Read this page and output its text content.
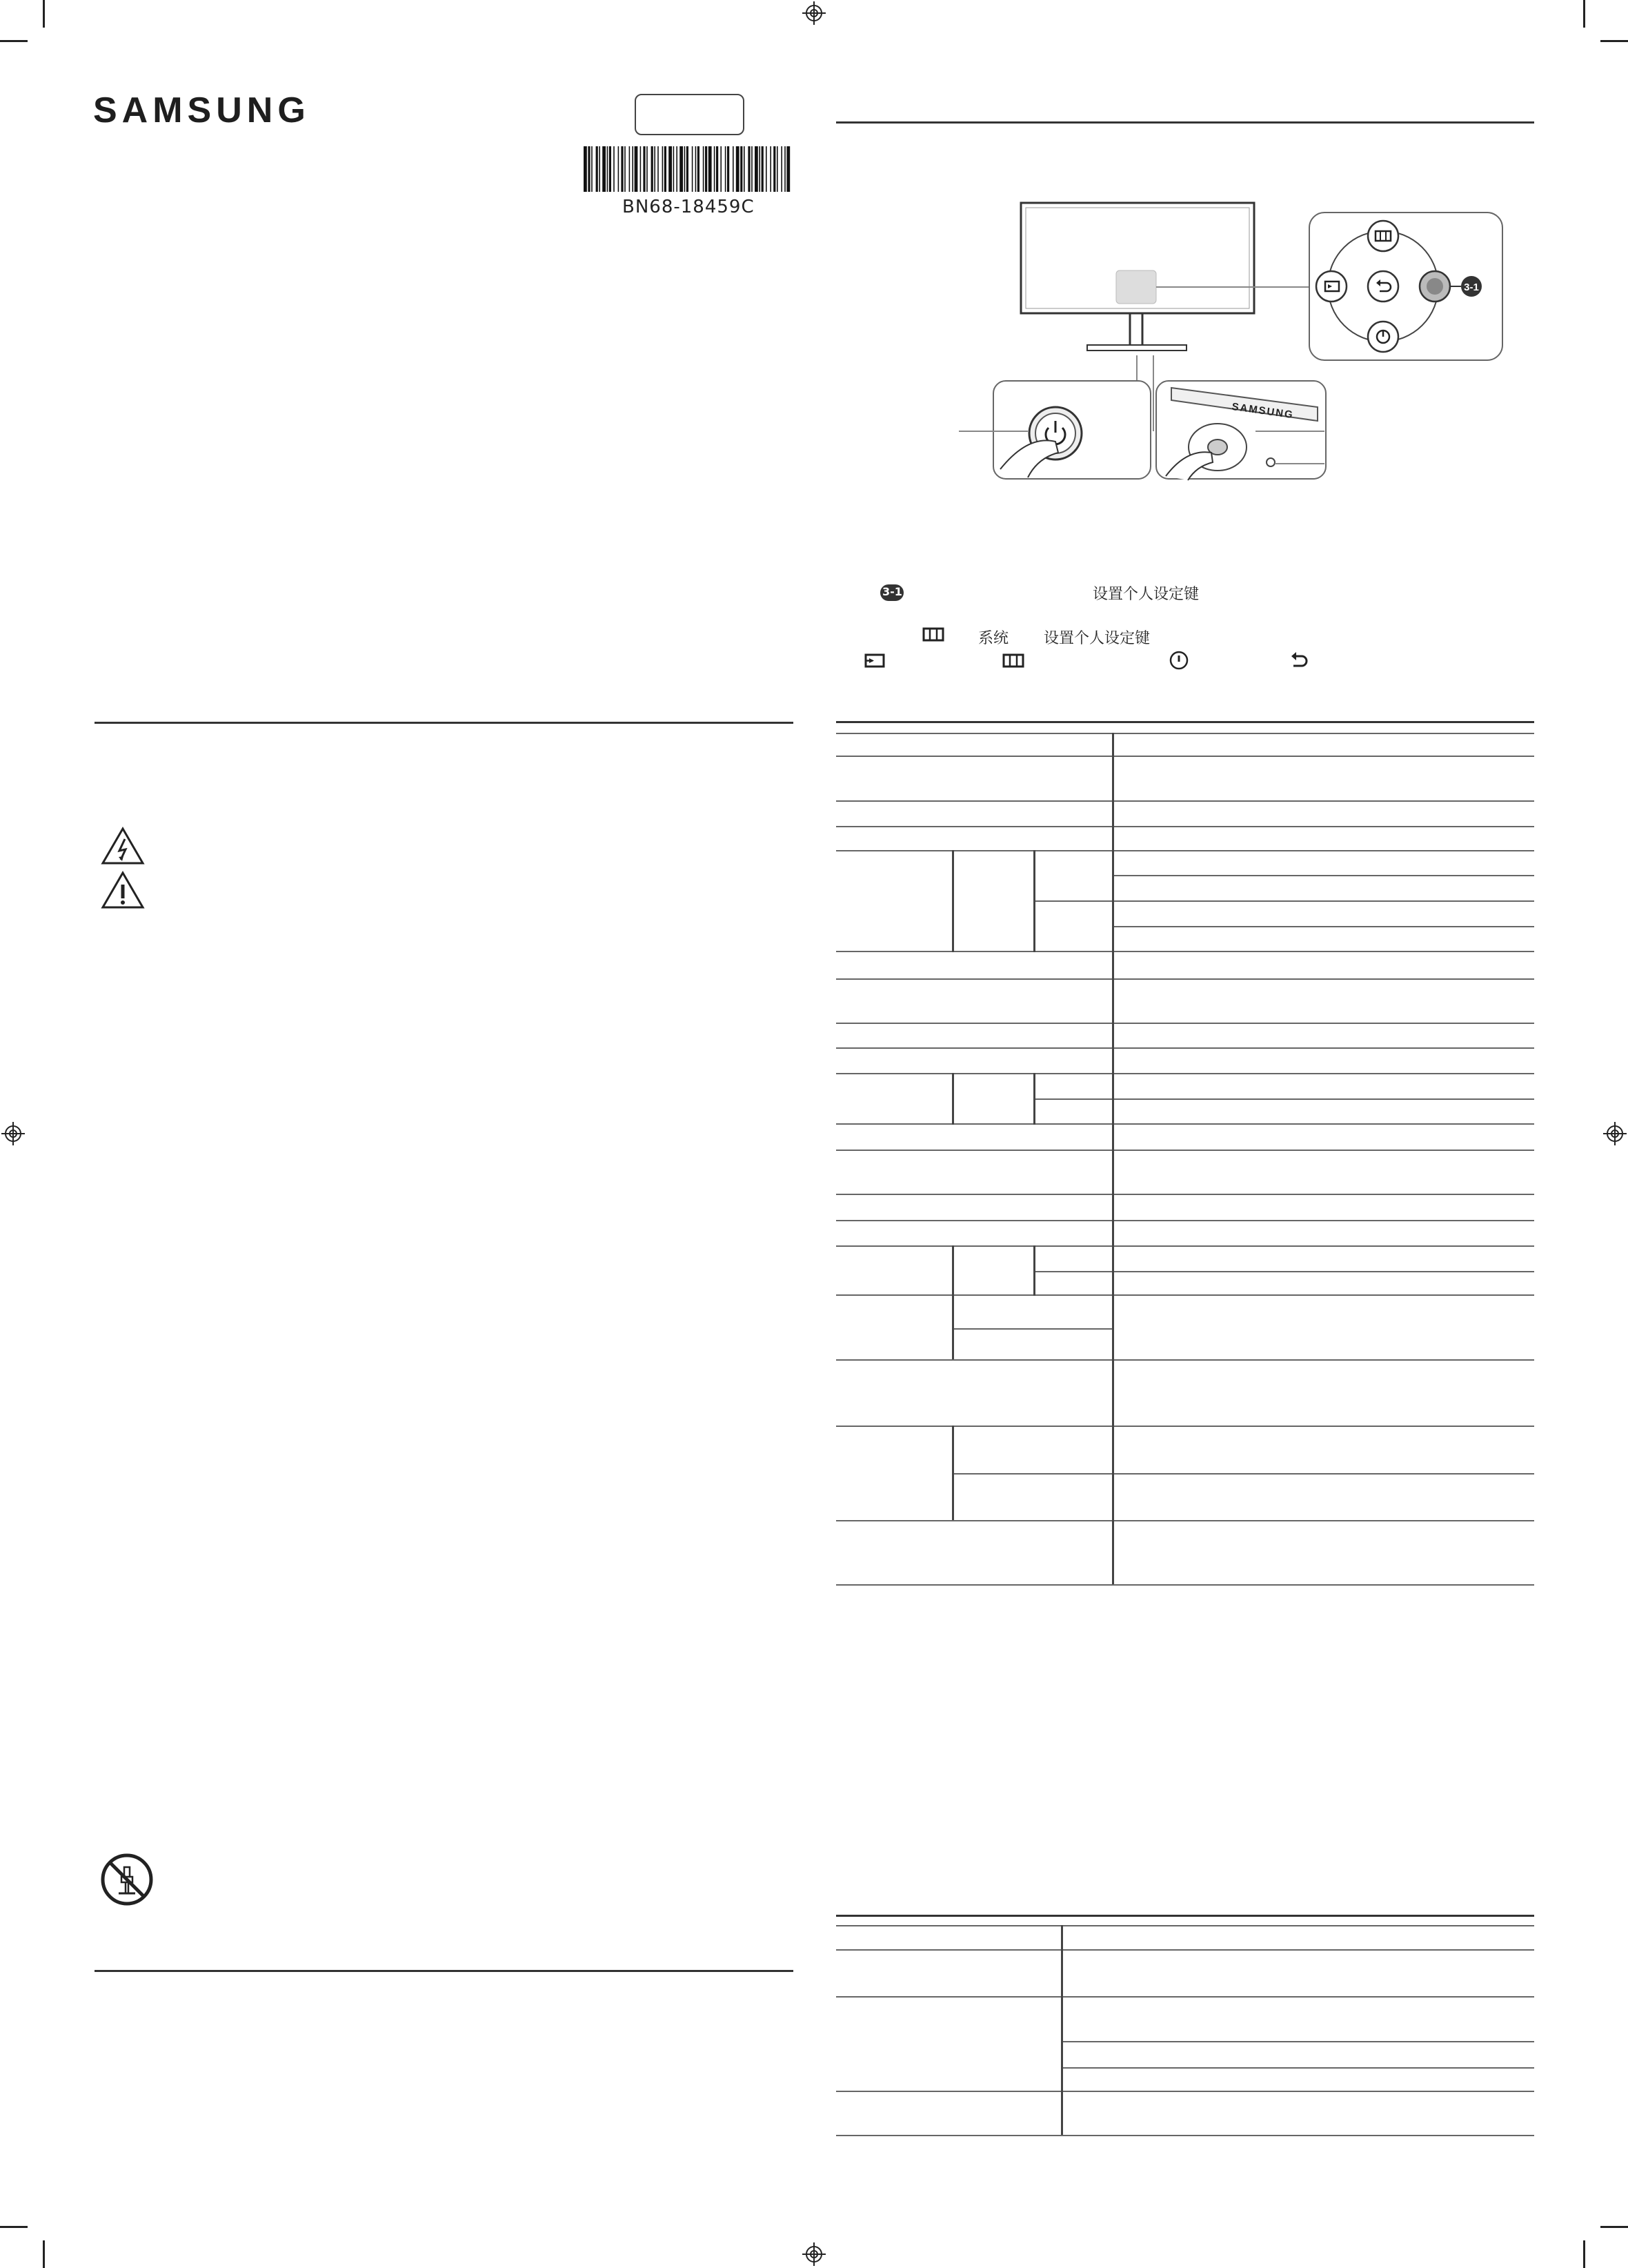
SAMSUNG
BN68-18459C
3-1
SAMSUNG
3-1	设置个人设定键
系统 设置个人设定键
